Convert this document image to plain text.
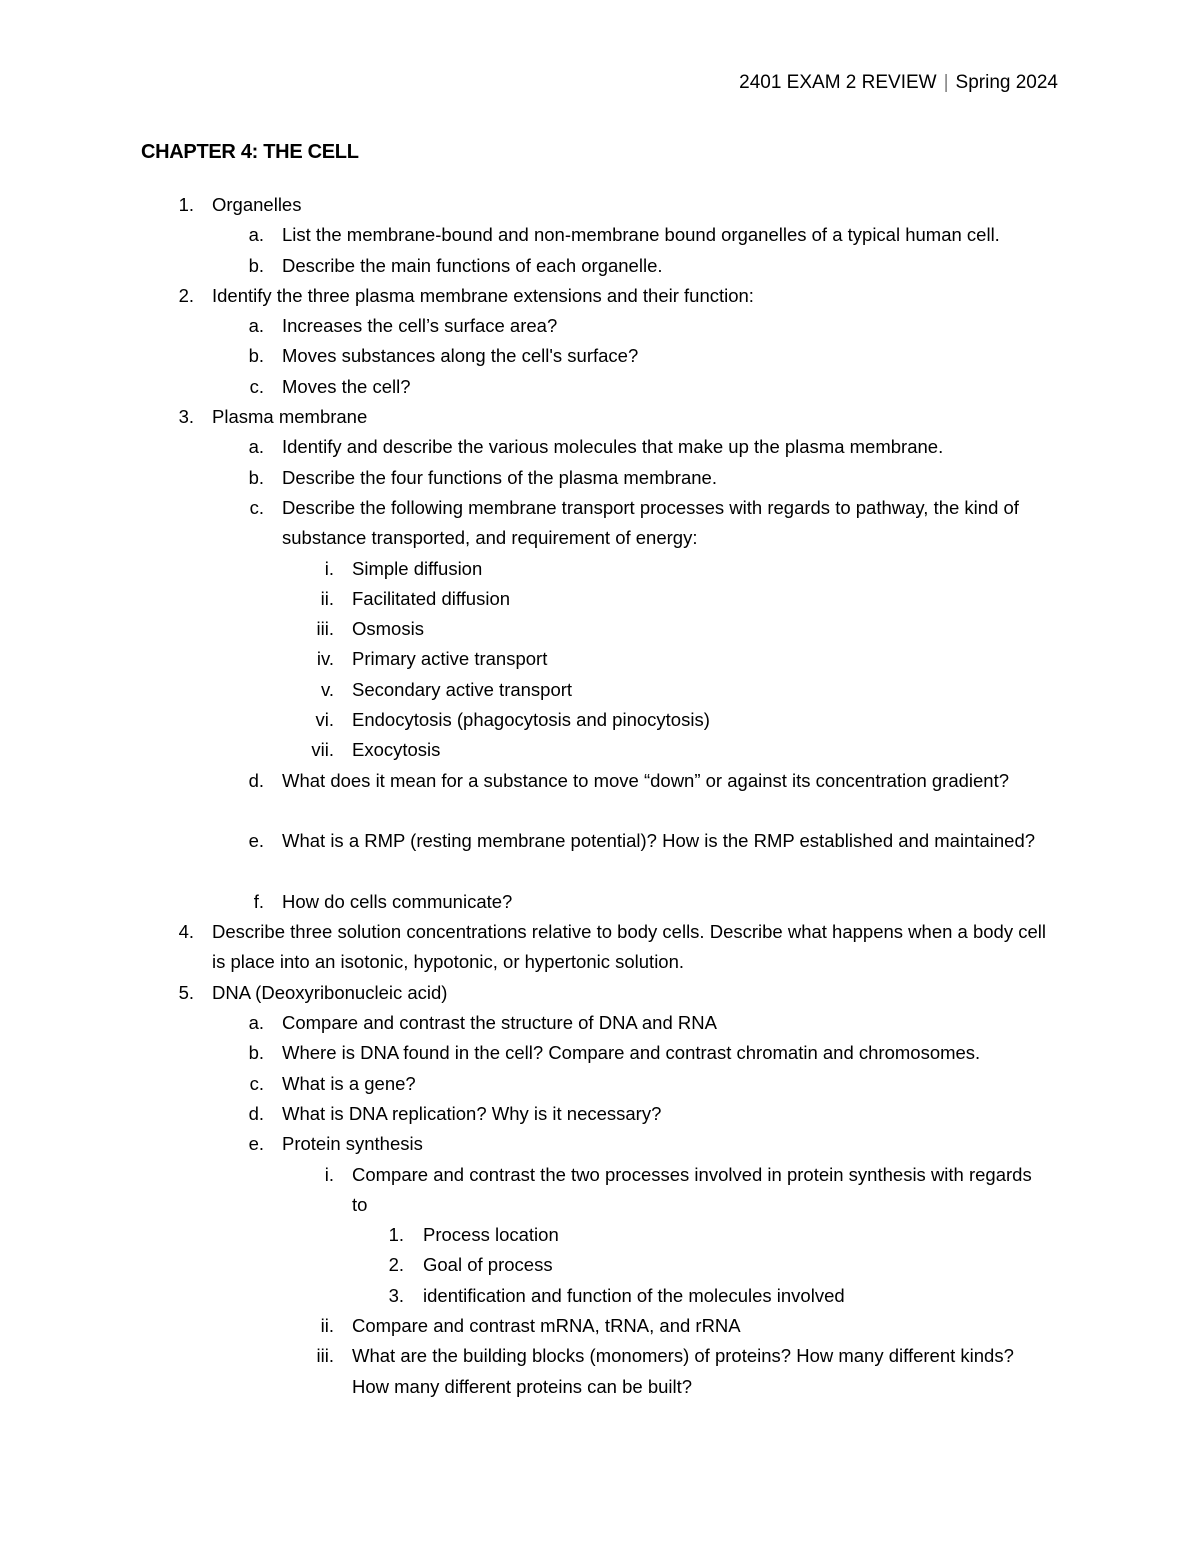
2401 EXAM 2 REVIEW | Spring 2024
CHAPTER 4: THE CELL
1. Organelles
a. List the membrane-bound and non-membrane bound organelles of a typical human cell.
b. Describe the main functions of each organelle.
2. Identify the three plasma membrane extensions and their function:
a. Increases the cell’s surface area?
b. Moves substances along the cell's surface?
c. Moves the cell?
3. Plasma membrane
a. Identify and describe the various molecules that make up the plasma membrane.
b. Describe the four functions of the plasma membrane.
c. Describe the following membrane transport processes with regards to pathway, the kind of substance transported, and requirement of energy:
i. Simple diffusion
ii. Facilitated diffusion
iii. Osmosis
iv. Primary active transport
v. Secondary active transport
vi. Endocytosis (phagocytosis and pinocytosis)
vii. Exocytosis
d. What does it mean for a substance to move “down” or against its concentration gradient?
e. What is a RMP (resting membrane potential)? How is the RMP established and maintained?
f. How do cells communicate?
4. Describe three solution concentrations relative to body cells. Describe what happens when a body cell is place into an isotonic, hypotonic, or hypertonic solution.
5. DNA (Deoxyribonucleic acid)
a. Compare and contrast the structure of DNA and RNA
b. Where is DNA found in the cell? Compare and contrast chromatin and chromosomes.
c. What is a gene?
d. What is DNA replication? Why is it necessary?
e. Protein synthesis
i. Compare and contrast the two processes involved in protein synthesis with regards to
1. Process location
2. Goal of process
3. identification and function of the molecules involved
ii. Compare and contrast mRNA, tRNA, and rRNA
iii. What are the building blocks (monomers) of proteins? How many different kinds? How many different proteins can be built?
